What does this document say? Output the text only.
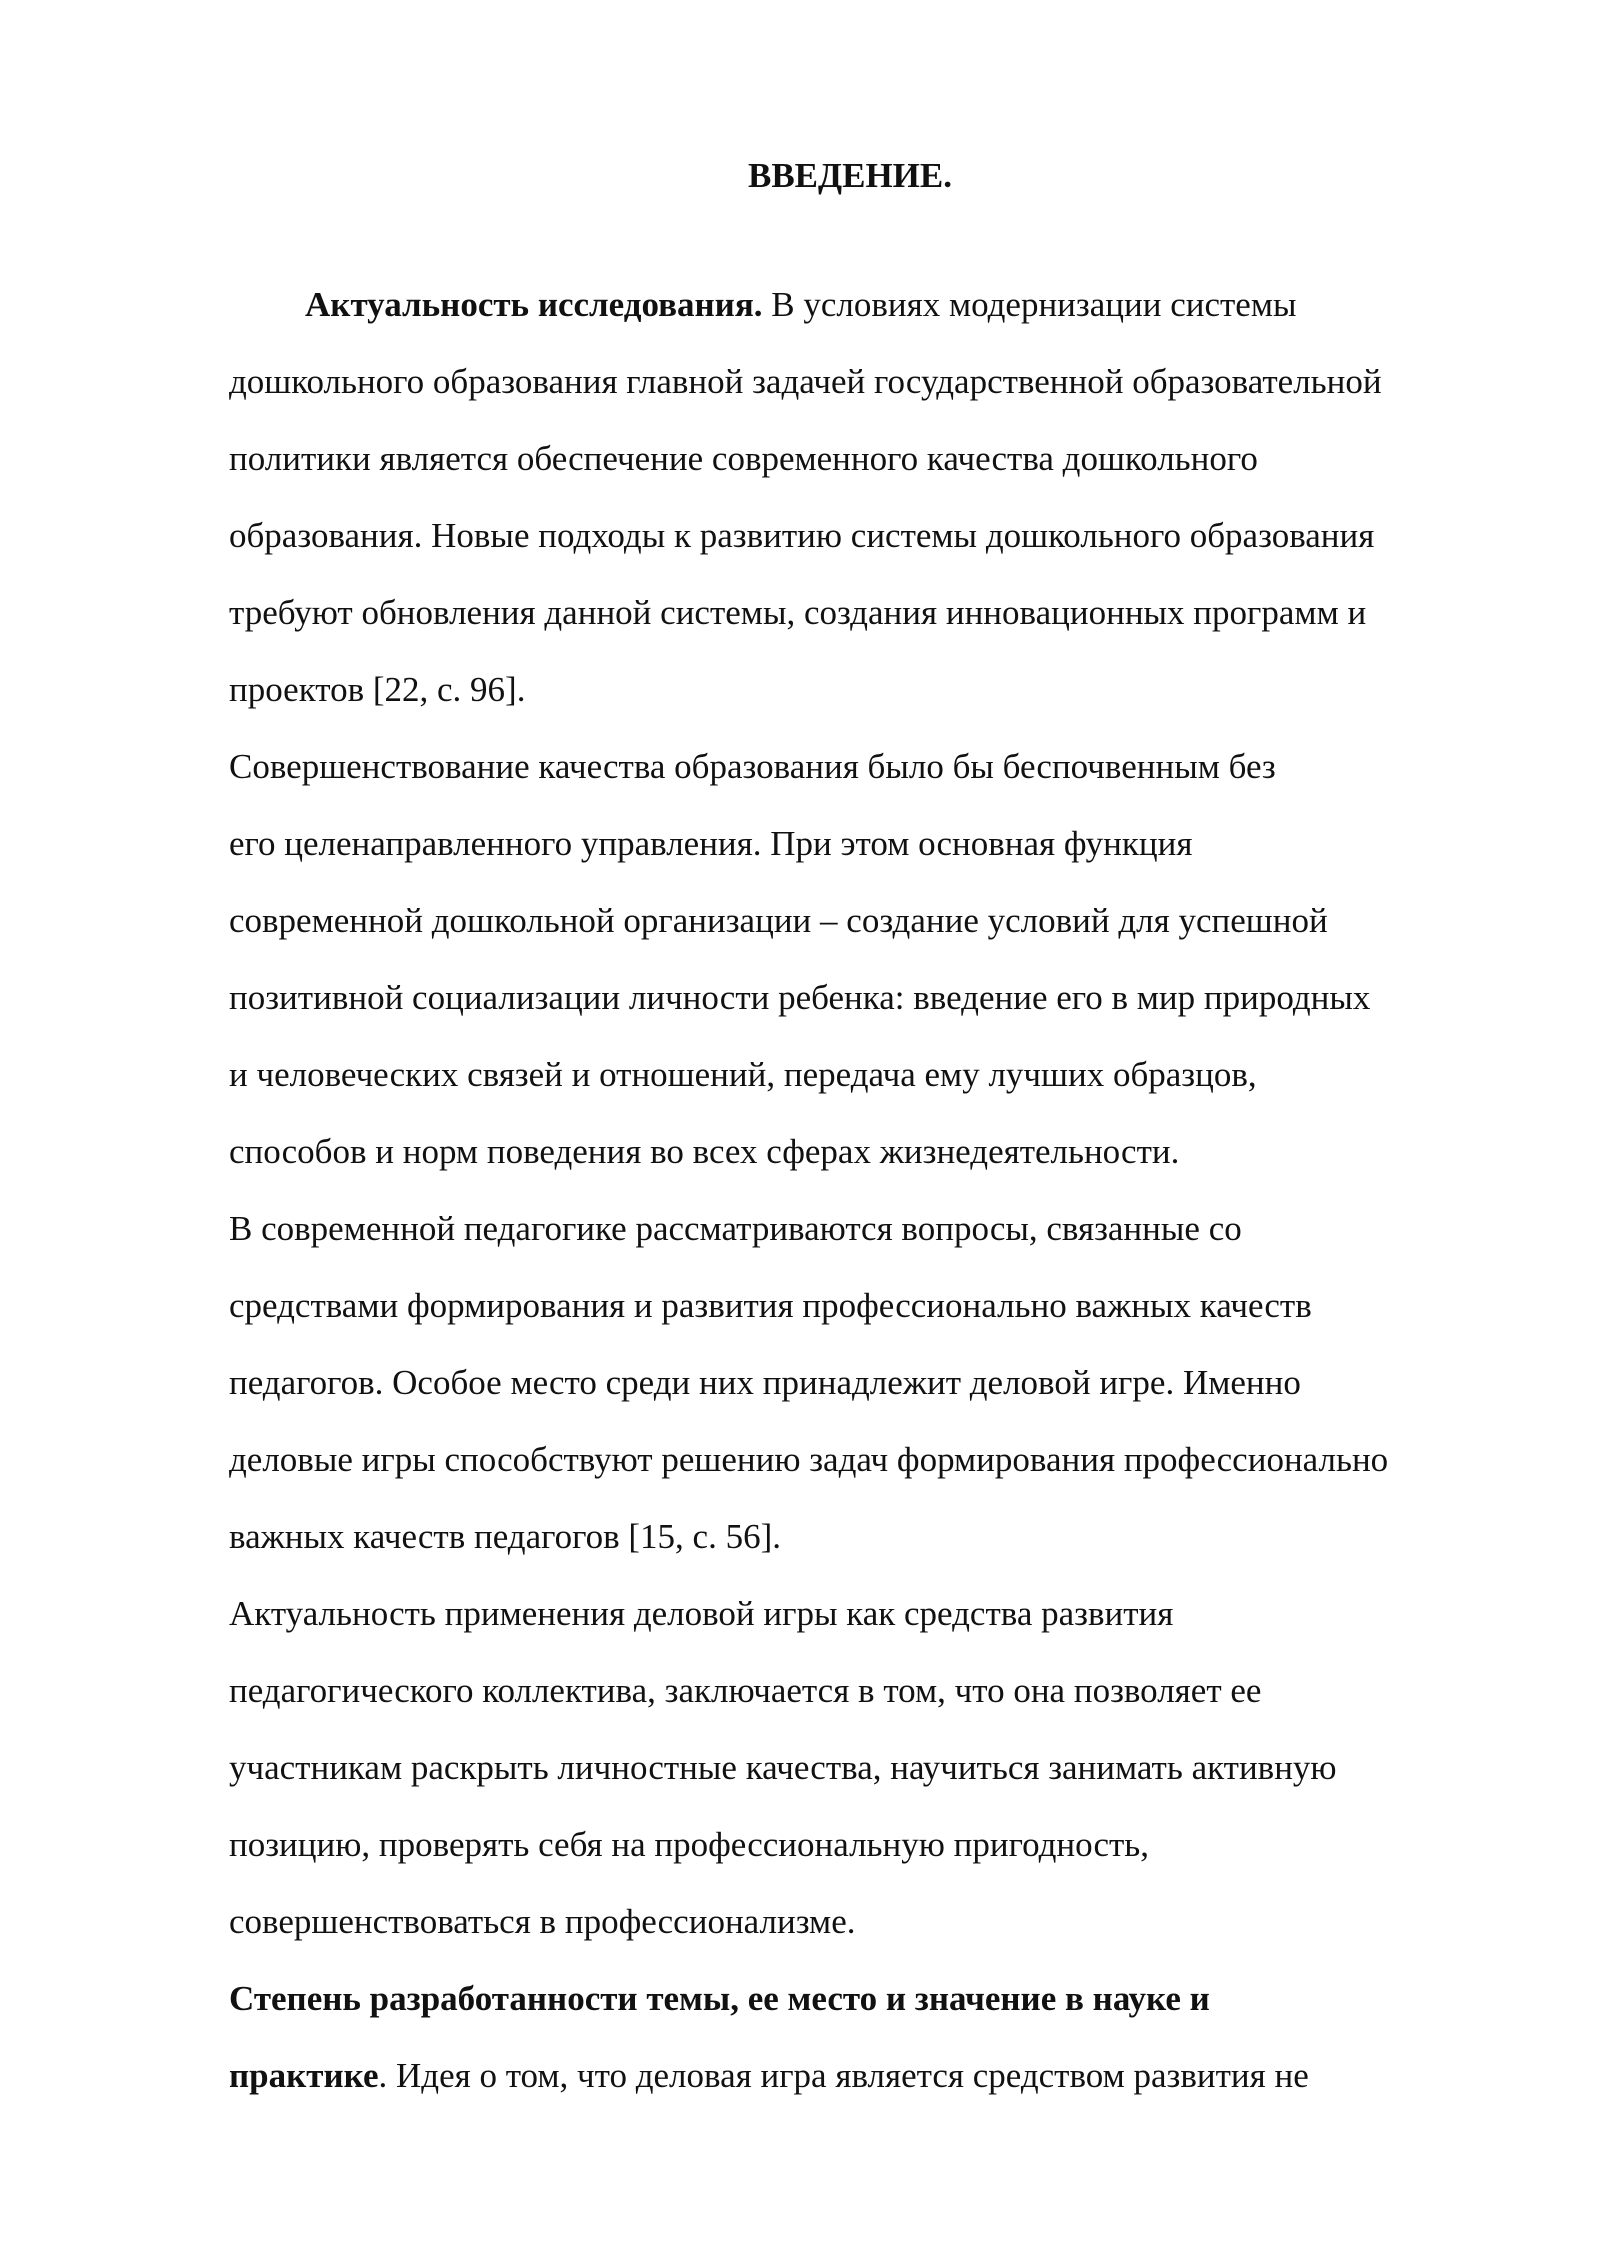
ВВЕДЕНИЕ.
Актуальность исследования. В условиях модернизации системы
дошкольного образования главной задачей государственной образовательной
политики является обеспечение современного качества дошкольного
образования. Новые подходы к развитию системы дошкольного образования
требуют обновления данной системы, создания инновационных программ и
проектов [22, с. 96].
Совершенствование качества образования было бы беспочвенным без
его целенаправленного управления. При этом основная функция
современной дошкольной организации – создание условий для успешной
позитивной социализации личности ребенка: введение его в мир природных
и человеческих связей и отношений, передача ему лучших образцов,
способов и норм поведения во всех сферах жизнедеятельности.
В современной педагогике рассматриваются вопросы, связанные со
средствами формирования и развития профессионально важных качеств
педагогов. Особое место среди них принадлежит деловой игре. Именно
деловые игры способствуют решению задач формирования профессионально
важных качеств педагогов [15, с. 56].
Актуальность применения деловой игры как средства развития
педагогического коллектива, заключается в том, что она позволяет ее
участникам раскрыть личностные качества, научиться занимать активную
позицию, проверять себя на профессиональную пригодность,
совершенствоваться в профессионализме.
Степень разработанности темы, ее место и значение в науке и
практике. Идея о том, что деловая игра является средством развития не
